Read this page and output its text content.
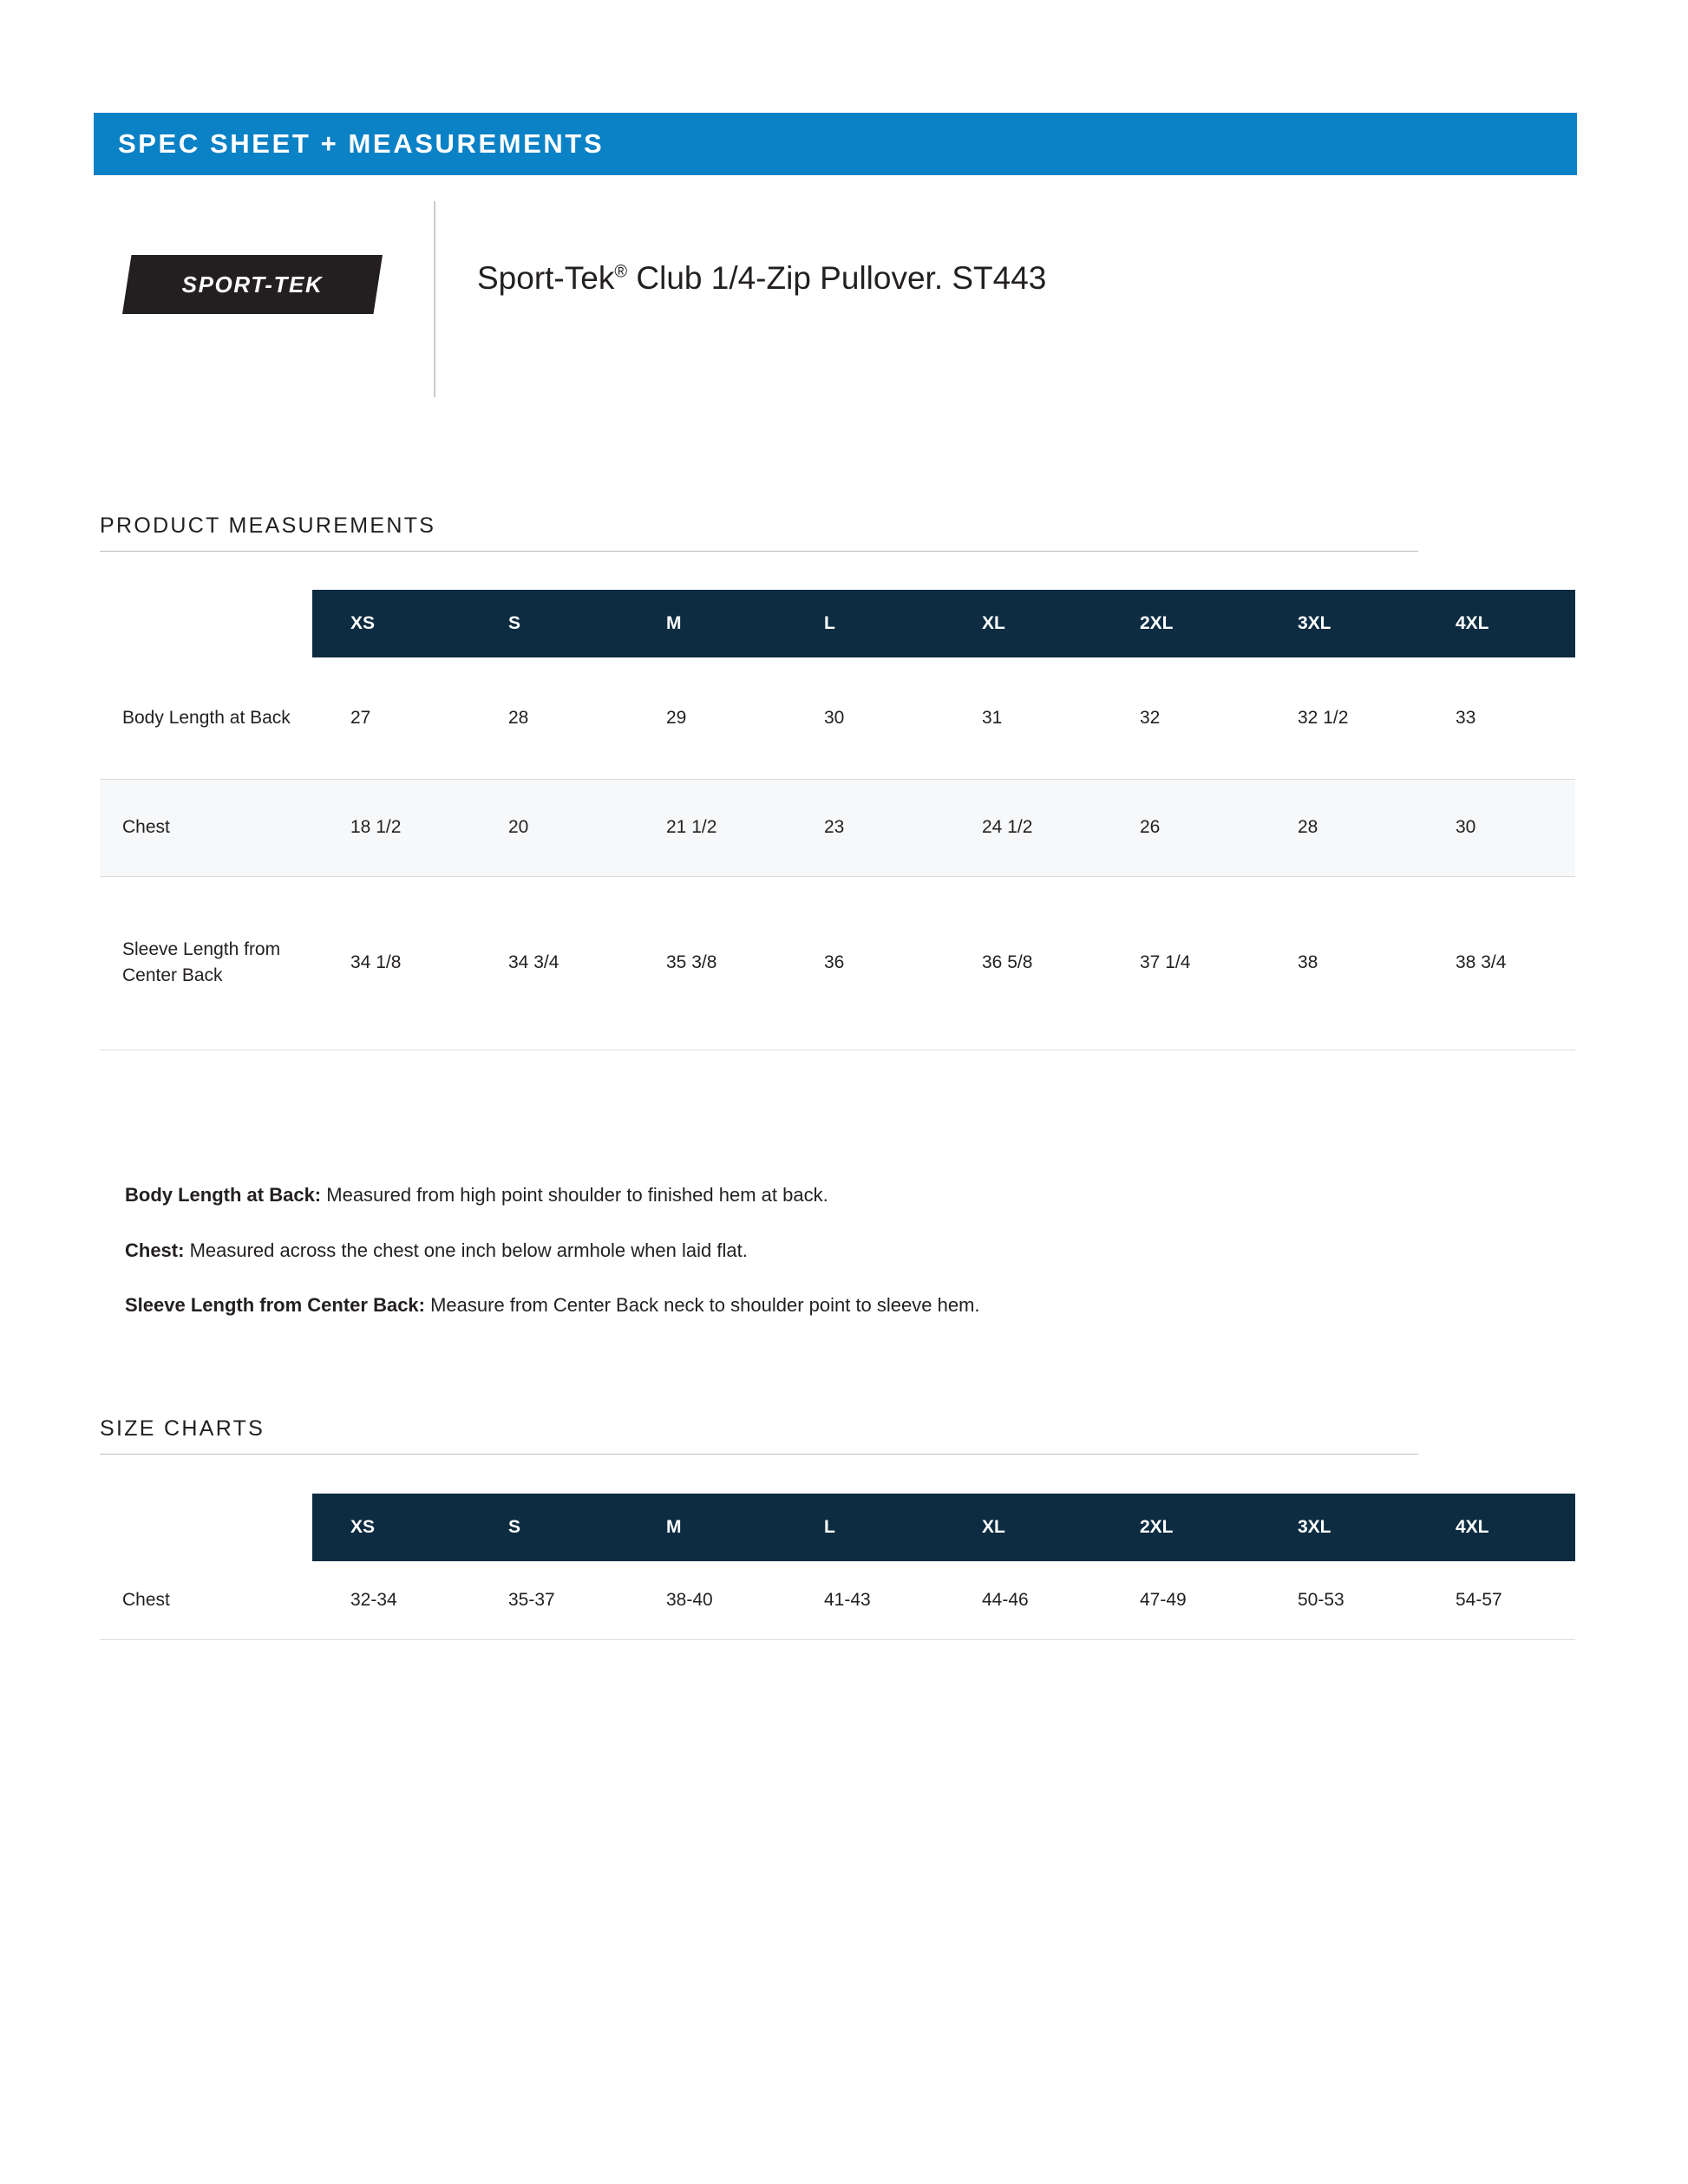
SPEC SHEET + MEASUREMENTS
SPORT-TEK	Sport-Tek® Club 1/4-Zip Pullover. ST443
PRODUCT MEASUREMENTS
	XS	S	M	L	XL	2XL	3XL	4XL
Body Length at Back	27	28	29	30	31	32	32 1/2	33
Chest	18 1/2	20	21 1/2	23	24 1/2	26	28	30
Sleeve Length from Center Back	34 1/8	34 3/4	35 3/8	36	36 5/8	37 1/4	38	38 3/4
Body Length at Back: Measured from high point shoulder to finished hem at back.
Chest: Measured across the chest one inch below armhole when laid flat.
Sleeve Length from Center Back: Measure from Center Back neck to shoulder point to sleeve hem.
SIZE CHARTS
	XS	S	M	L	XL	2XL	3XL	4XL
Chest	32-34	35-37	38-40	41-43	44-46	47-49	50-53	54-57
